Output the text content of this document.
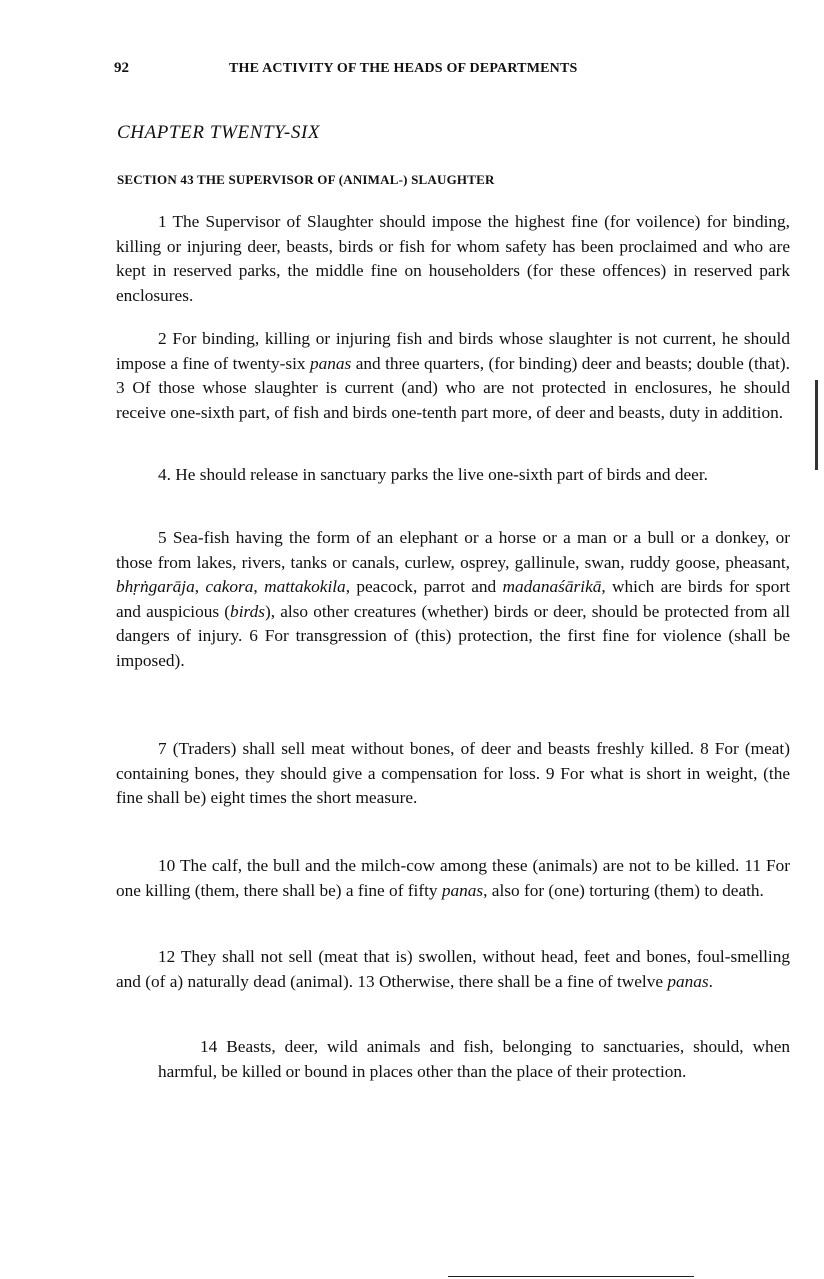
92	THE ACTIVITY OF THE HEADS OF DEPARTMENTS
CHAPTER TWENTY-SIX
SECTION 43 THE SUPERVISOR OF (ANIMAL-) SLAUGHTER

1 The Supervisor of Slaughter should impose the highest fine (for voilence) for binding, killing or injuring deer, beasts, birds or fish for whom safety has been proclaimed and who are kept in reserved parks, the middle fine on householders (for these offences) in reserved park enclosures.

2 For binding, killing or injuring fish and birds whose slaughter is not current, he should impose a fine of twenty-six panas and three quarters, (for binding) deer and beasts; double (that). 3 Of those whose slaughter is current (and) who are not protected in enclosures, he should receive one-sixth part, of fish and birds one-tenth part more, of deer and beasts, duty in addition.

4. He should release in sanctuary parks the live one-sixth part of birds and deer.

5 Sea-fish having the form of an elephant or a horse or a man or a bull or a donkey, or those from lakes, rivers, tanks or canals, curlew, osprey, gallinule, swan, ruddy goose, pheasant, bhṛṅgarāja, cakora, mattakokila, peacock, parrot and madanaśārikā, which are birds for sport and auspicious (birds), also other creatures (whether) birds or deer, should be protected from all dangers of injury. 6 For transgression of (this) protection, the first fine for violence (shall be imposed).

7 (Traders) shall sell meat without bones, of deer and beasts freshly killed. 8 For (meat) containing bones, they should give a compensation for loss. 9 For what is short in weight, (the fine shall be) eight times the short measure.

10 The calf, the bull and the milch-cow among these (animals) are not to be killed. 11 For one killing (them, there shall be) a fine of fifty panas, also for (one) torturing (them) to death.

12 They shall not sell (meat that is) swollen, without head, feet and bones, foul-smelling and (of a) naturally dead (animal). 13 Otherwise, there shall be a fine of twelve panas.

14 Beasts, deer, wild animals and fish, belonging to sanctuaries, should, when harmful, be killed or bound in places other than the place of their protection.
